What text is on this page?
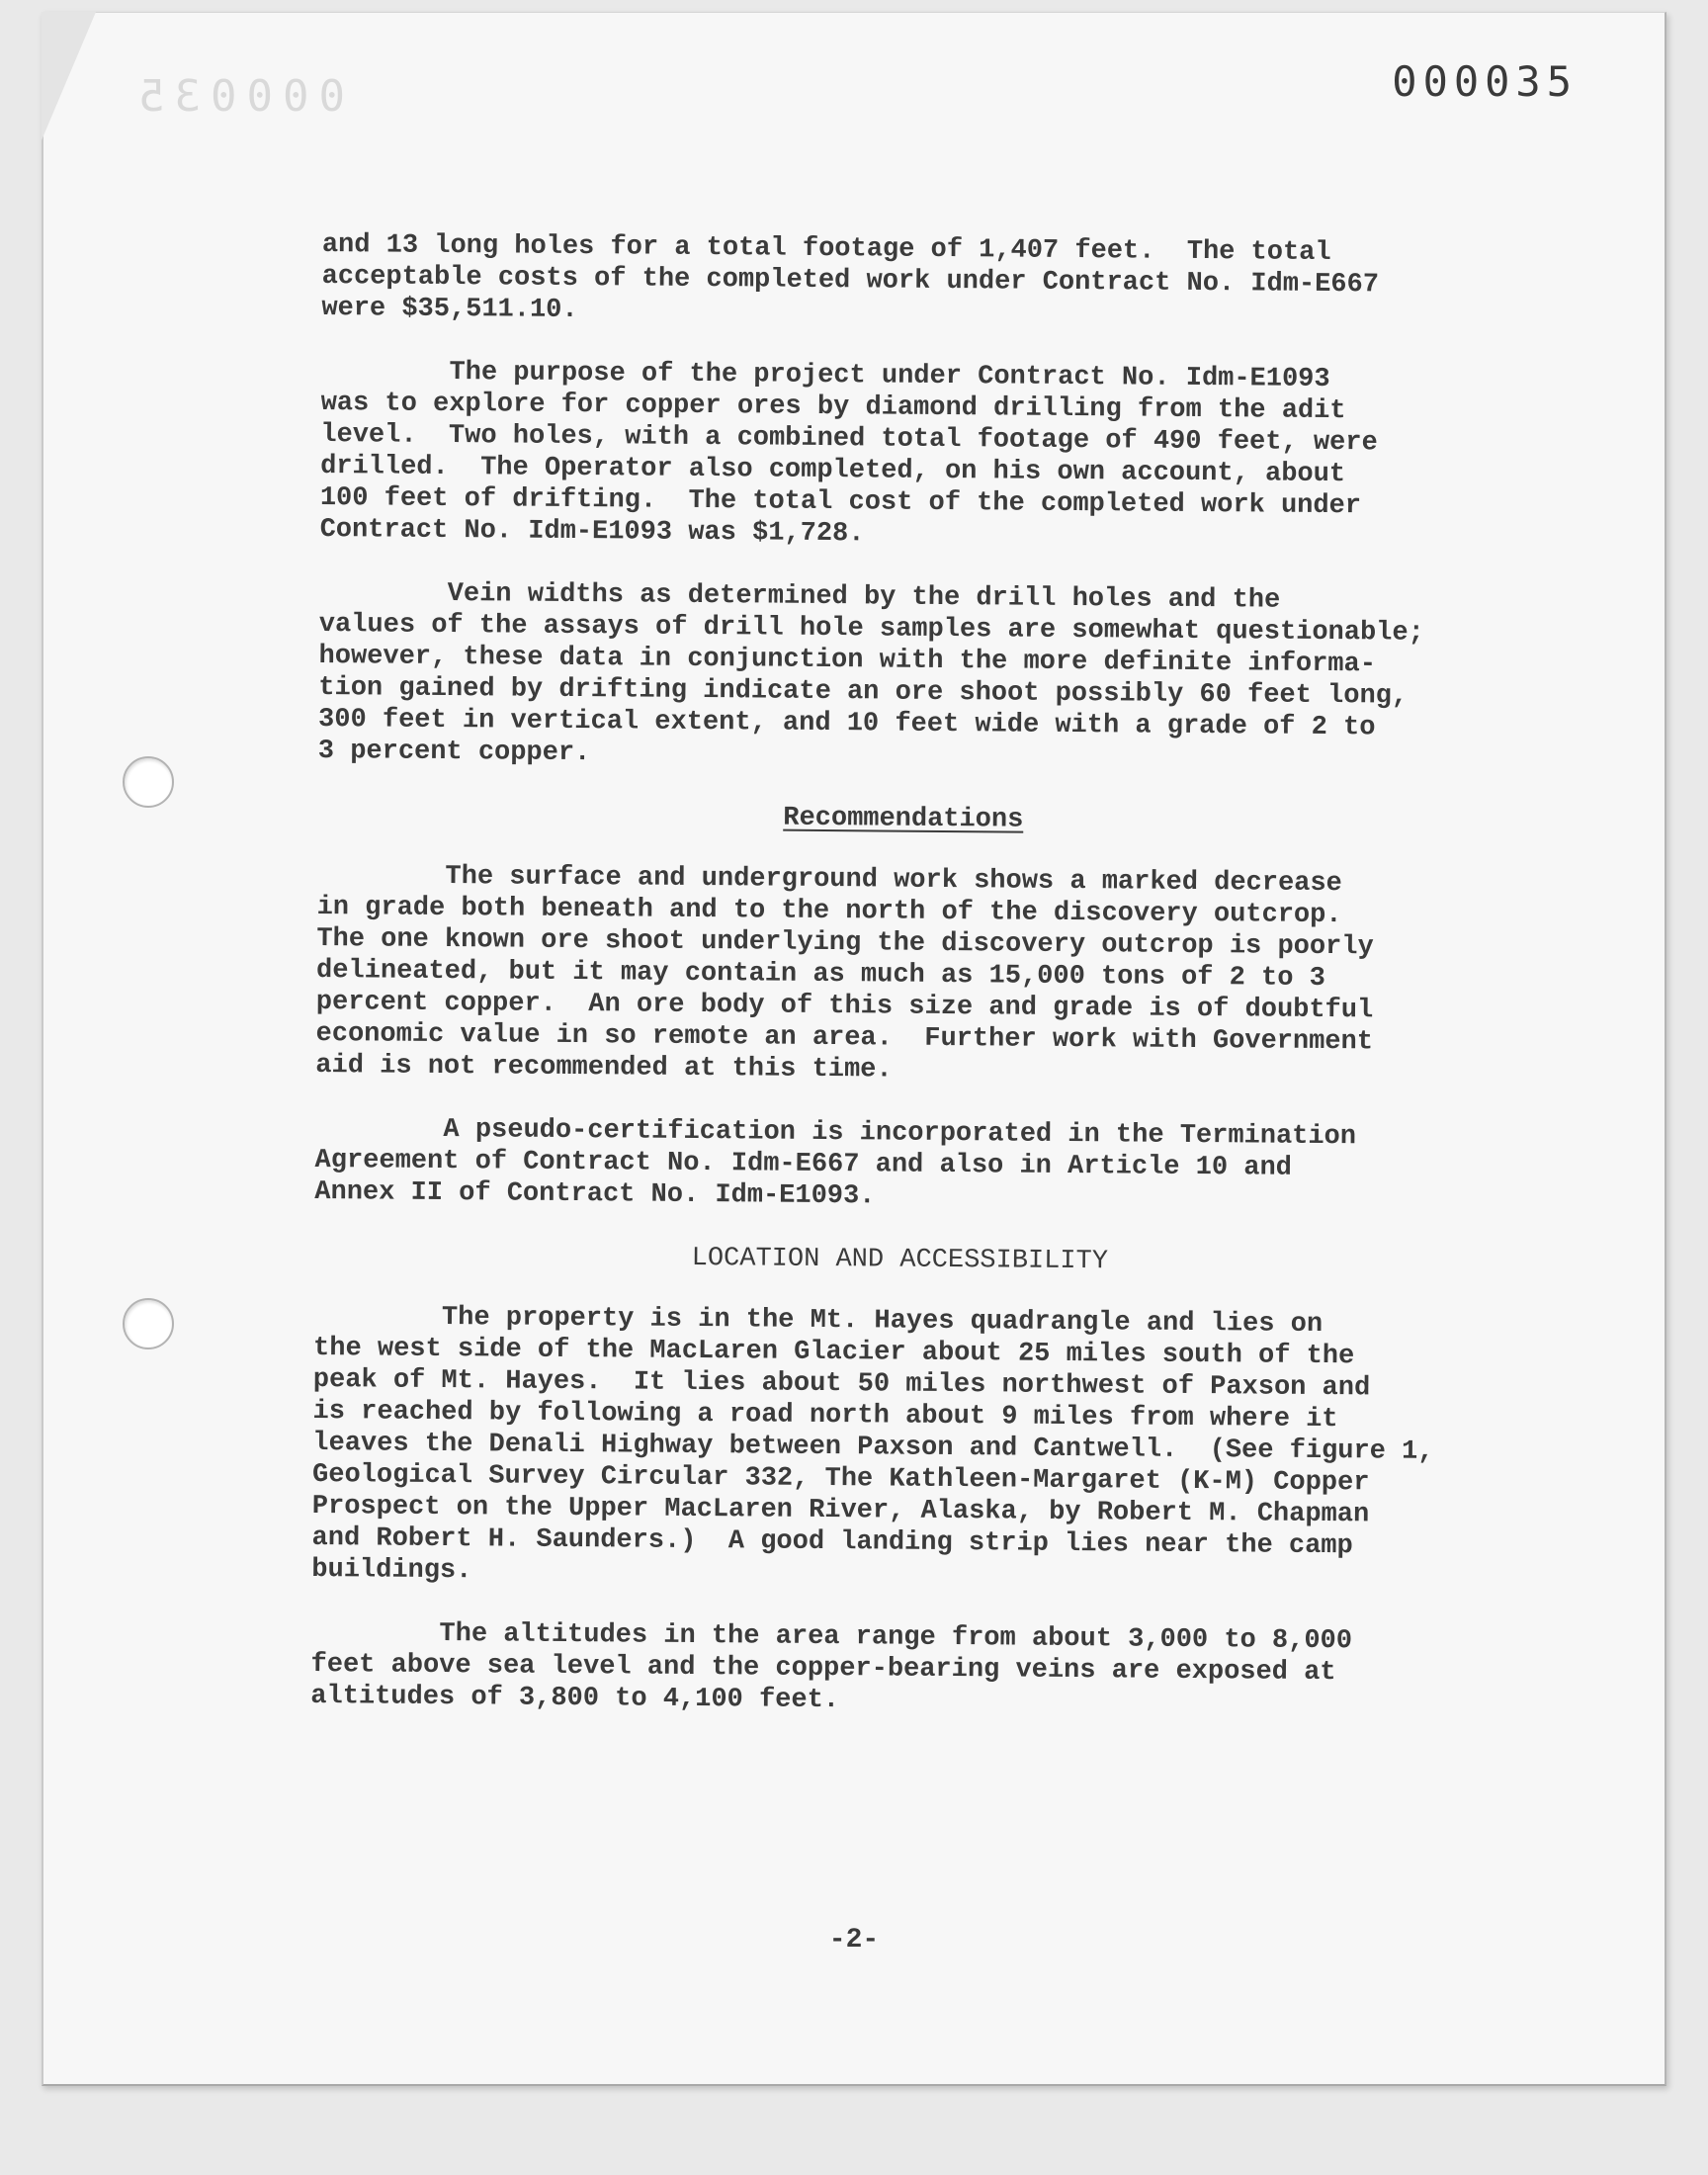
000035	000035
and 13 long holes for a total footage of 1,407 feet.  The total
acceptable costs of the completed work under Contract No. Idm-E667
were $35,511.10.
The purpose of the project under Contract No. Idm-E1093
was to explore for copper ores by diamond drilling from the adit
level.  Two holes, with a combined total footage of 490 feet, were
drilled.  The Operator also completed, on his own account, about
100 feet of drifting.  The total cost of the completed work under
Contract No. Idm-E1093 was $1,728.
Vein widths as determined by the drill holes and the
values of the assays of drill hole samples are somewhat questionable;
however, these data in conjunction with the more definite informa-
tion gained by drifting indicate an ore shoot possibly 60 feet long,
300 feet in vertical extent, and 10 feet wide with a grade of 2 to
3 percent copper.
Recommendations
The surface and underground work shows a marked decrease
in grade both beneath and to the north of the discovery outcrop.
The one known ore shoot underlying the discovery outcrop is poorly
delineated, but it may contain as much as 15,000 tons of 2 to 3
percent copper.  An ore body of this size and grade is of doubtful
economic value in so remote an area.  Further work with Government
aid is not recommended at this time.
A pseudo-certification is incorporated in the Termination
Agreement of Contract No. Idm-E667 and also in Article 10 and
Annex II of Contract No. Idm-E1093.
LOCATION AND ACCESSIBILITY
The property is in the Mt. Hayes quadrangle and lies on
the west side of the MacLaren Glacier about 25 miles south of the
peak of Mt. Hayes.  It lies about 50 miles northwest of Paxson and
is reached by following a road north about 9 miles from where it
leaves the Denali Highway between Paxson and Cantwell.  (See figure 1,
Geological Survey Circular 332, The Kathleen-Margaret (K-M) Copper
Prospect on the Upper MacLaren River, Alaska, by Robert M. Chapman
and Robert H. Saunders.)  A good landing strip lies near the camp
buildings.
The altitudes in the area range from about 3,000 to 8,000
feet above sea level and the copper-bearing veins are exposed at
altitudes of 3,800 to 4,100 feet.
-2-
